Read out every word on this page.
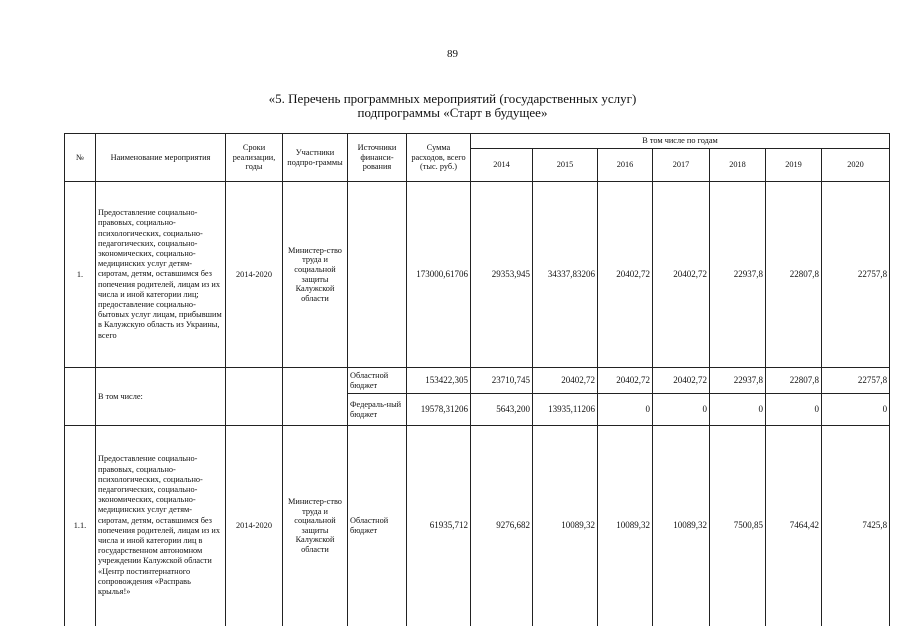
89
«5. Перечень программных мероприятий (государственных услуг)
подпрограммы «Старт в будущее»
№	Наименование мероприятия	Сроки реализации, годы	Участники подпро-граммы	Источники финанси-рования	Сумма расходов, всего (тыс. руб.)	В том числе по годам						
						2014	2015	2016	2017	2018	2019	2020
1.	Предоставление социально-правовых, социально-психологических, социально-педагогических, социально-экономических, социально-медицинских услуг детям-сиротам, детям, оставшимся без попечения родителей, лицам из их числа и иной категории лиц; предоставление социально-бытовых услуг лицам, прибывшим в Калужскую область из Украины, всего	2014-2020	Министер-ство труда и социальной защиты Калужской области		173000,61706	29353,945	34337,83206	20402,72	20402,72	22937,8	22807,8	22757,8
	В том числе:			Областной бюджет	153422,305	23710,745	20402,72	20402,72	20402,72	22937,8	22807,8	22757,8
				Федераль-ный бюджет	19578,31206	5643,200	13935,11206	0	0	0	0	0
1.1.	Предоставление социально-правовых, социально-психологических, социально-педагогических, социально-экономических, социально-медицинских услуг детям-сиротам, детям, оставшимся без попечения родителей, лицам из их числа и иной категории лиц в государственном автономном учреждении Калужской области «Центр постинтернатного сопровождения «Расправь крылья!»	2014-2020	Министер-ство труда и социальной защиты Калужской области	Областной бюджет	61935,712	9276,682	10089,32	10089,32	10089,32	7500,85	7464,42	7425,8
